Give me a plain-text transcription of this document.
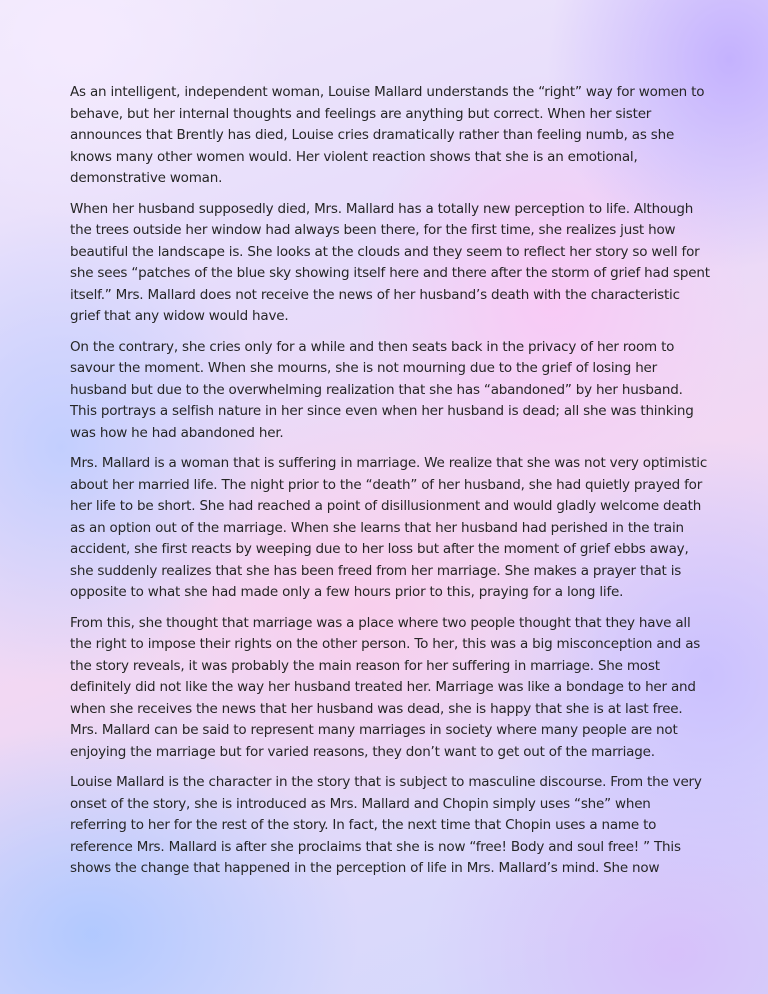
As an intelligent, independent woman, Louise Mallard understands the “right” way for women to behave, but her internal thoughts and feelings are anything but correct. When her sister announces that Brently has died, Louise cries dramatically rather than feeling numb, as she knows many other women would. Her violent reaction shows that she is an emotional, demonstrative woman.

When her husband supposedly died, Mrs. Mallard has a totally new perception to life. Although the trees outside her window had always been there, for the first time, she realizes just how beautiful the landscape is. She looks at the clouds and they seem to reflect her story so well for she sees “patches of the blue sky showing itself here and there after the storm of grief had spent itself.” Mrs. Mallard does not receive the news of her husband’s death with the characteristic grief that any widow would have.

On the contrary, she cries only for a while and then seats back in the privacy of her room to savour the moment. When she mourns, she is not mourning due to the grief of losing her husband but due to the overwhelming realization that she has “abandoned” by her husband. This portrays a selfish nature in her since even when her husband is dead; all she was thinking was how he had abandoned her.

Mrs. Mallard is a woman that is suffering in marriage. We realize that she was not very optimistic about her married life. The night prior to the “death” of her husband, she had quietly prayed for her life to be short. She had reached a point of disillusionment and would gladly welcome death as an option out of the marriage. When she learns that her husband had perished in the train accident, she first reacts by weeping due to her loss but after the moment of grief ebbs away, she suddenly realizes that she has been freed from her marriage. She makes a prayer that is opposite to what she had made only a few hours prior to this, praying for a long life.

From this, she thought that marriage was a place where two people thought that they have all the right to impose their rights on the other person. To her, this was a big misconception and as the story reveals, it was probably the main reason for her suffering in marriage. She most definitely did not like the way her husband treated her. Marriage was like a bondage to her and when she receives the news that her husband was dead, she is happy that she is at last free. Mrs. Mallard can be said to represent many marriages in society where many people are not enjoying the marriage but for varied reasons, they don’t want to get out of the marriage.

Louise Mallard is the character in the story that is subject to masculine discourse. From the very onset of the story, she is introduced as Mrs. Mallard and Chopin simply uses “she” when referring to her for the rest of the story. In fact, the next time that Chopin uses a name to reference Mrs. Mallard is after she proclaims that she is now “free! Body and soul free! ” This shows the change that happened in the perception of life in Mrs. Mallard’s mind. She now
